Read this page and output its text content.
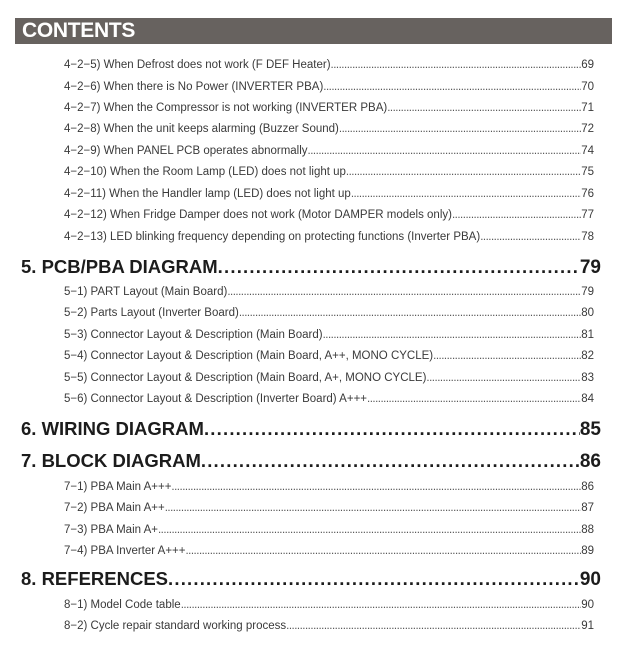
CONTENTS
4−2−5) When Defrost does not work (F DEF Heater) .....	69
4−2−6) When there is No Power (INVERTER PBA) .....	70
4−2−7) When the Compressor is not working (INVERTER PBA) .....	71
4−2−8) When the unit keeps alarming (Buzzer Sound) .....	72
4−2−9) When PANEL PCB operates abnormally .....	74
4−2−10) When the Room Lamp (LED) does not light up .....	75
4−2−11) When the Handler lamp (LED) does not light up .....	76
4−2−12) When Fridge Damper does not work (Motor DAMPER models only) .....	77
4−2−13) LED blinking frequency depending on protecting functions (Inverter PBA) .....	78
5. PCB/PBA DIAGRAM .....	79
5−1) PART Layout (Main Board) .....	79
5−2) Parts Layout (Inverter Board) .....	80
5−3) Connector Layout & Description (Main Board) .....	81
5−4) Connector Layout & Description (Main Board, A++, MONO CYCLE) .....	82
5−5) Connector Layout & Description (Main Board, A+, MONO CYCLE) .....	83
5−6) Connector Layout & Description (Inverter Board) A+++ .....	84
6. WIRING DIAGRAM .....	85
7. BLOCK DIAGRAM .....	86
7−1) PBA Main A+++ .....	86
7−2) PBA Main A++ .....	87
7−3) PBA Main A+ .....	88
7−4) PBA Inverter A+++ .....	89
8. REFERENCES .....	90
8−1) Model Code table .....	90
8−2) Cycle repair standard working process .....	91
